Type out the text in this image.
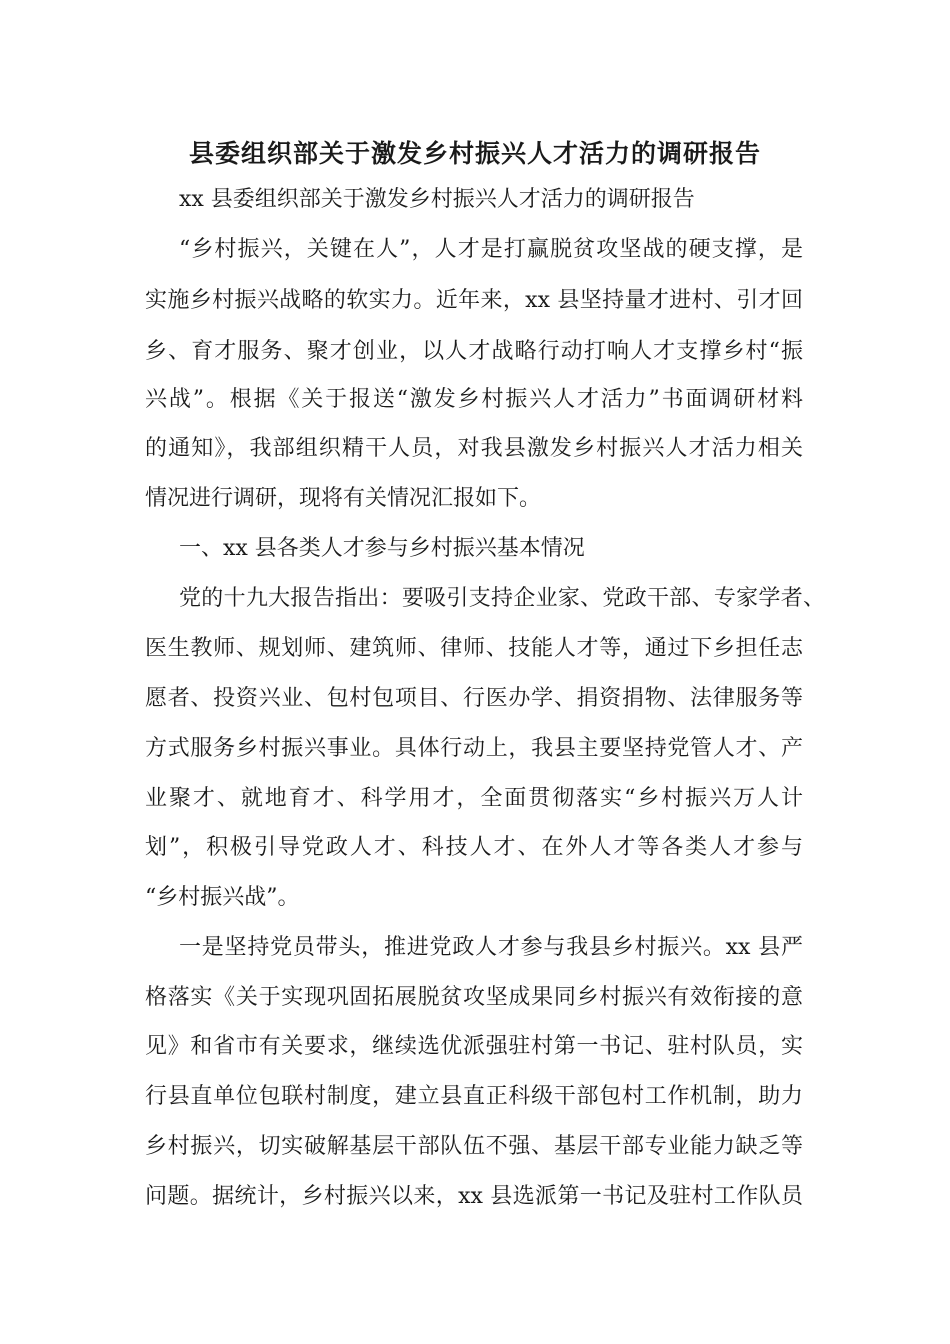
县委组织部关于激发乡村振兴人才活力的调研报告
xx 县委组织部关于激发乡村振兴人才活力的调研报告
“乡村振兴，关键在人”，人才是打赢脱贫攻坚战的硬支撑，是
实施乡村振兴战略的软实力。近年来，xx 县坚持量才进村、引才回
乡、育才服务、聚才创业，以人才战略行动打响人才支撑乡村“振
兴战”。根据《关于报送“激发乡村振兴人才活力”书面调研材料
的通知》，我部组织精干人员，对我县激发乡村振兴人才活力相关
情况进行调研，现将有关情况汇报如下。
一、xx 县各类人才参与乡村振兴基本情况
党的十九大报告指出：要吸引支持企业家、党政干部、专家学者、
医生教师、规划师、建筑师、律师、技能人才等，通过下乡担任志
愿者、投资兴业、包村包项目、行医办学、捐资捐物、法律服务等
方式服务乡村振兴事业。具体行动上，我县主要坚持党管人才、产
业聚才、就地育才、科学用才，全面贯彻落实“乡村振兴万人计
划”，积极引导党政人才、科技人才、在外人才等各类人才参与
“乡村振兴战”。
一是坚持党员带头，推进党政人才参与我县乡村振兴。xx 县严
格落实《关于实现巩固拓展脱贫攻坚成果同乡村振兴有效衔接的意
见》和省市有关要求，继续选优派强驻村第一书记、驻村队员，实
行县直单位包联村制度，建立县直正科级干部包村工作机制，助力
乡村振兴，切实破解基层干部队伍不强、基层干部专业能力缺乏等
问题。据统计，乡村振兴以来，xx 县选派第一书记及驻村工作队员
